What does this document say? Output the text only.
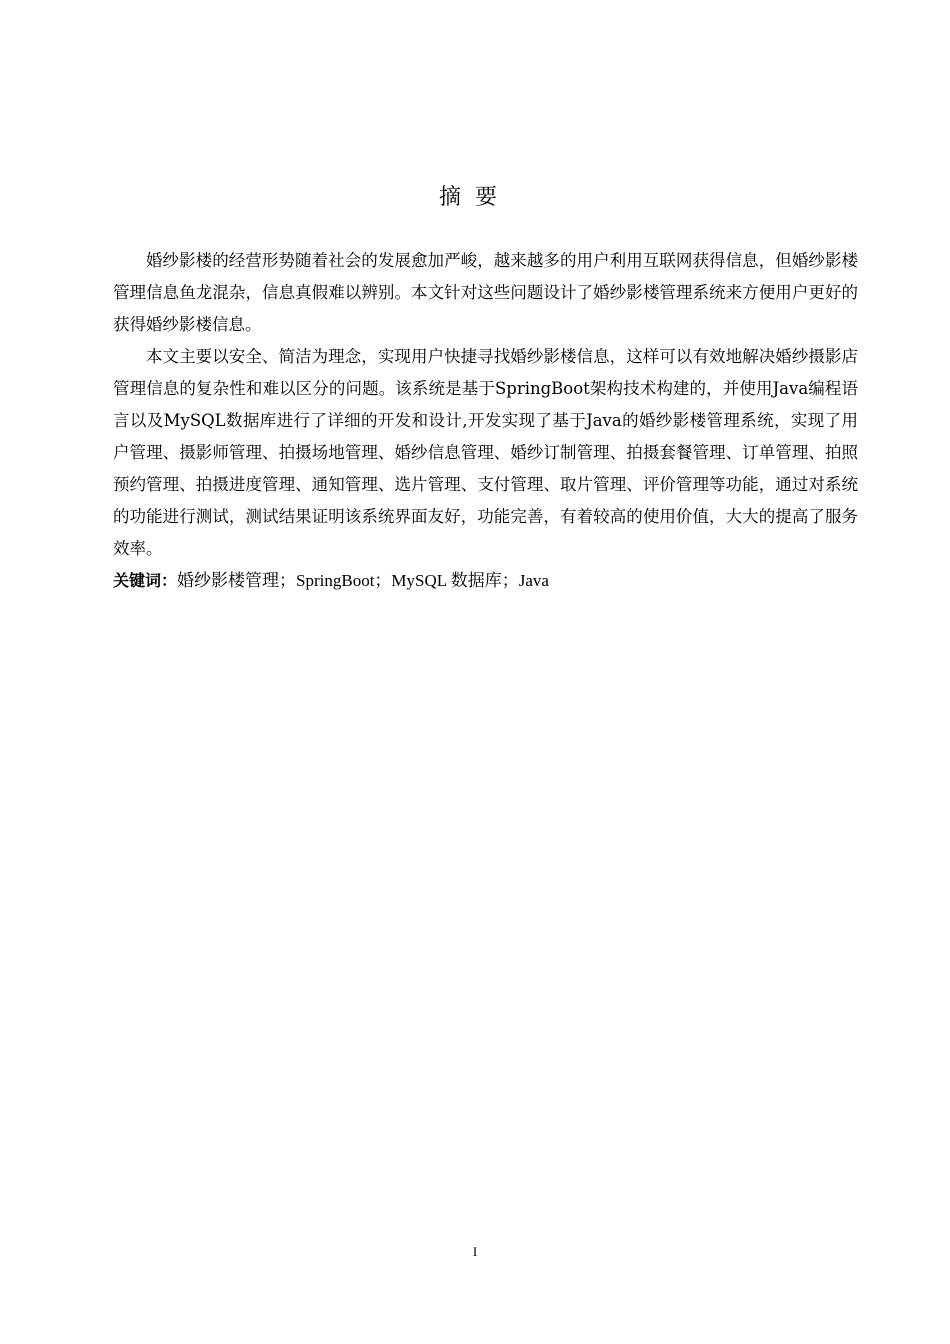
摘要

婚纱影楼的经营形势随着社会的发展愈加严峻，越来越多的用户利用互联网获得信息，但婚纱影楼管理信息鱼龙混杂，信息真假难以辨别。本文针对这些问题设计了婚纱影楼管理系统来方便用户更好的获得婚纱影楼信息。

本文主要以安全、简洁为理念，实现用户快捷寻找婚纱影楼信息，这样可以有效地解决婚纱摄影店管理信息的复杂性和难以区分的问题。该系统是基于SpringBoot架构技术构建的，并使用Java编程语言以及MySQL数据库进行了详细的开发和设计,开发实现了基于Java的婚纱影楼管理系统，实现了用户管理、摄影师管理、拍摄场地管理、婚纱信息管理、婚纱订制管理、拍摄套餐管理、订单管理、拍照预约管理、拍摄进度管理、通知管理、选片管理、支付管理、取片管理、评价管理等功能，通过对系统的功能进行测试，测试结果证明该系统界面友好，功能完善，有着较高的使用价值，大大的提高了服务效率。

关键词：婚纱影楼管理；SpringBoot；MySQL 数据库；Java

I
